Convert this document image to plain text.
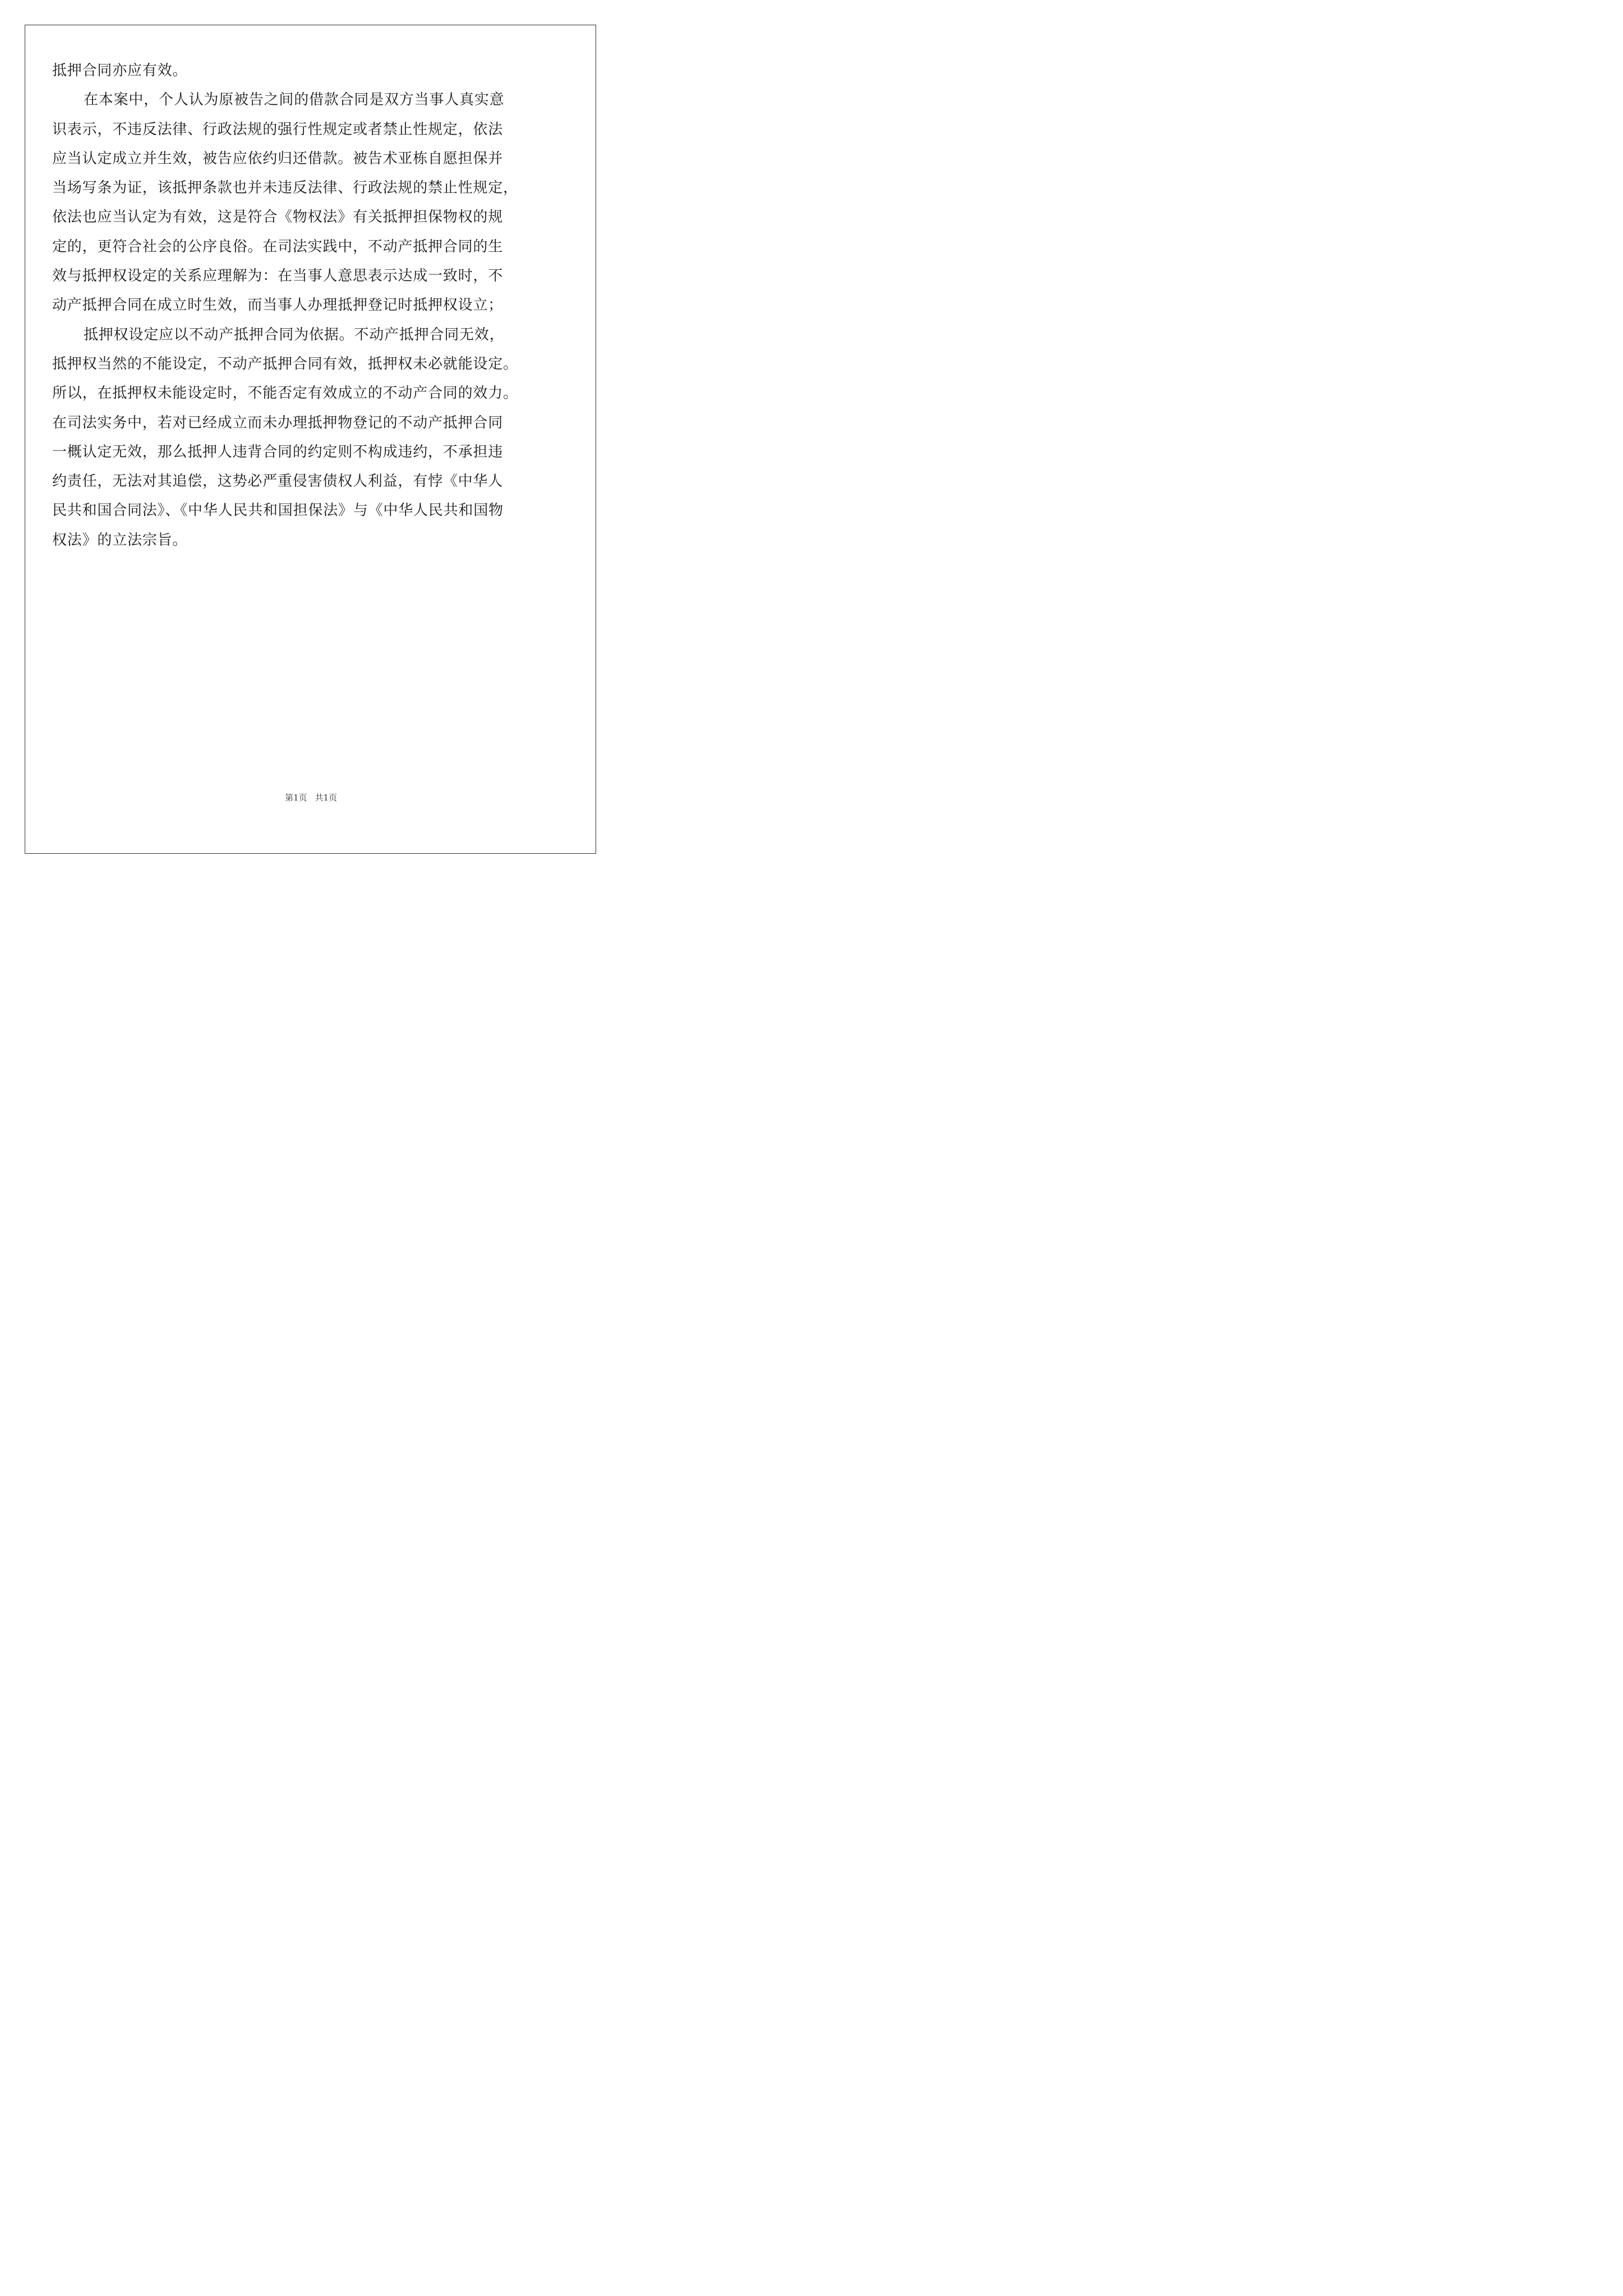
抵押合同亦应有效。
在本案中，个人认为原被告之间的借款合同是双方当事人真实意
识表示，不违反法律、行政法规的强行性规定或者禁止性规定，依法
应当认定成立并生效，被告应依约归还借款。被告术亚栋自愿担保并
当场写条为证，该抵押条款也并未违反法律、行政法规的禁止性规定，
依法也应当认定为有效，这是符合《物权法》有关抵押担保物权的规
定的，更符合社会的公序良俗。在司法实践中，不动产抵押合同的生
效与抵押权设定的关系应理解为：在当事人意思表示达成一致时，不
动产抵押合同在成立时生效，而当事人办理抵押登记时抵押权设立；
抵押权设定应以不动产抵押合同为依据。不动产抵押合同无效，
抵押权当然的不能设定，不动产抵押合同有效，抵押权未必就能设定。
所以，在抵押权未能设定时，不能否定有效成立的不动产合同的效力。
在司法实务中，若对已经成立而未办理抵押物登记的不动产抵押合同
一概认定无效，那么抵押人违背合同的约定则不构成违约，不承担违
约责任，无法对其追偿，这势必严重侵害债权人利益，有悖《中华人
民共和国合同法》、《中华人民共和国担保法》与《中华人民共和国物
权法》的立法宗旨。
第1页 共1页
